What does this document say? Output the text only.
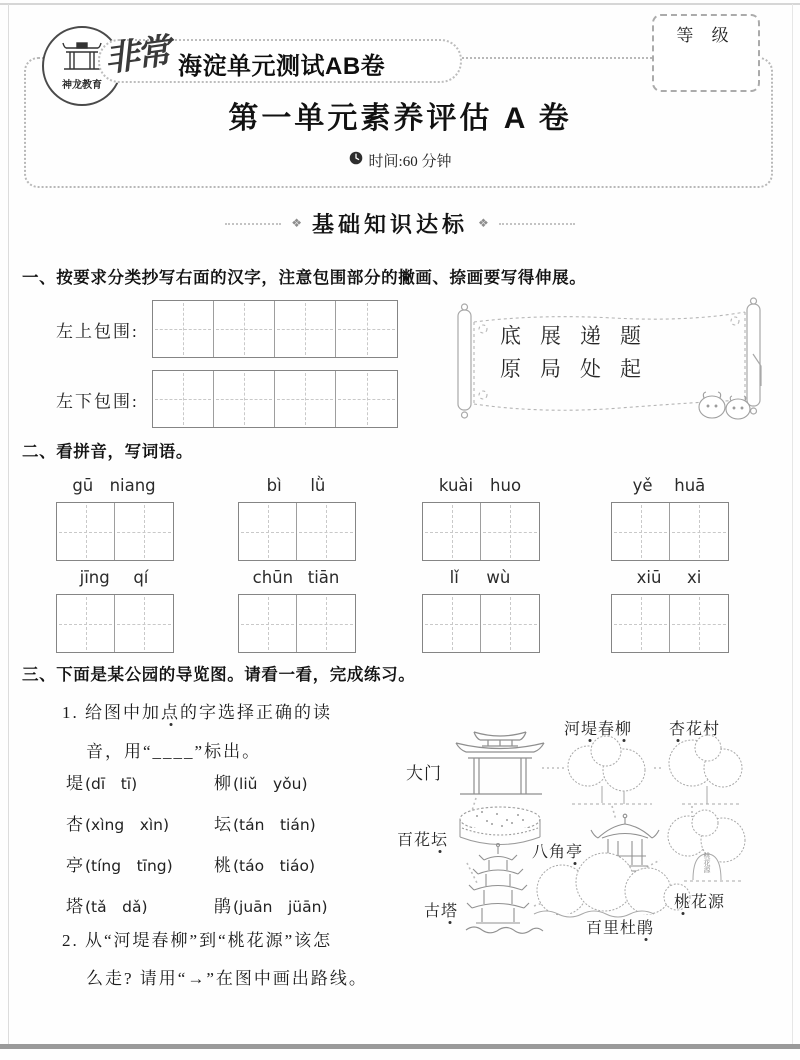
神龙教育
非常 海淀单元测试AB卷
等 级
第一单元素养评估 A 卷
时间:60 分钟
❖ 基础知识达标 ❖
一、按要求分类抄写右面的汉字，注意包围部分的撇画、捺画要写得伸展。
左上包围:
左下包围:
底展递题
原局处起
二、看拼音，写词语。
gū niang	bì lǜ	kuài huo	yě huā
jīng qí	chūn tiān	lǐ wù	xiū xi
三、下面是某公园的导览图。请看一看，完成练习。
1. 给图中加点的字选择正确的读
音，用“____”标出。
堤 (dī　tī)	柳 (liǔ　yǒu)
杏 (xìng　xìn)	坛 (tán　tián)
亭 (tíng　tīng) 桃 (táo　tiáo)
塔 (tǎ　dǎ)	鹃 (juān　jüān)
2. 从“河堤春柳”到“桃花源”该怎
么走? 请用“→”在图中画出路线。
河堤春柳 杏花村
大门
百花坛
八角亭
桃花源
古塔
百里杜鹃
桃花源
